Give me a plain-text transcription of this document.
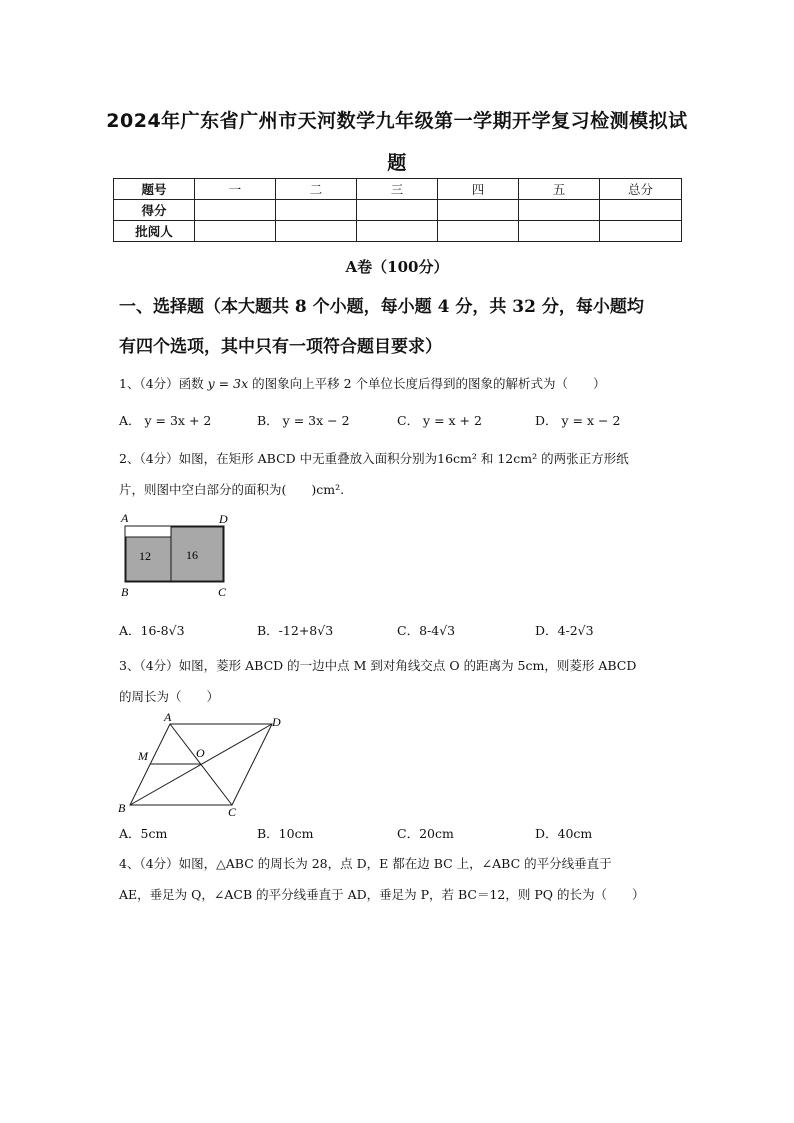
2024年广东省广州市天河数学九年级第一学期开学复习检测模拟试
题
题号	一	二	三	四	五	总分
得分						
批阅人						
A卷（100分）
一、选择题（本大题共 8 个小题，每小题 4 分，共 32 分，每小题均
有四个选项，其中只有一项符合题目要求）
1、（4分）函数 y = 3x 的图象向上平移 2 个单位长度后得到的图象的解析式为（　　）
A． y = 3x + 2	B． y = 3x − 2	C． y = x + 2	D． y = x − 2
2、（4分）如图，在矩形 ABCD 中无重叠放入面积分别为16cm² 和 12cm² 的两张正方形纸
片，则图中空白部分的面积为(　　)cm².
A	D
B	C
12	16
A．16-8√3	B．-12+8√3	C．8-4√3	D．4-2√3
3、（4分）如图，菱形 ABCD 的一边中点 M 到对角线交点 O 的距离为 5cm，则菱形 ABCD
的周长为（　　）
A	D
M	O
B	C
A．5cm	B．10cm	C．20cm	D．40cm
4、（4分）如图，△ABC 的周长为 28，点 D，E 都在边 BC 上，∠ABC 的平分线垂直于
AE，垂足为 Q，∠ACB 的平分线垂直于 AD，垂足为 P，若 BC＝12，则 PQ 的长为（　　）
